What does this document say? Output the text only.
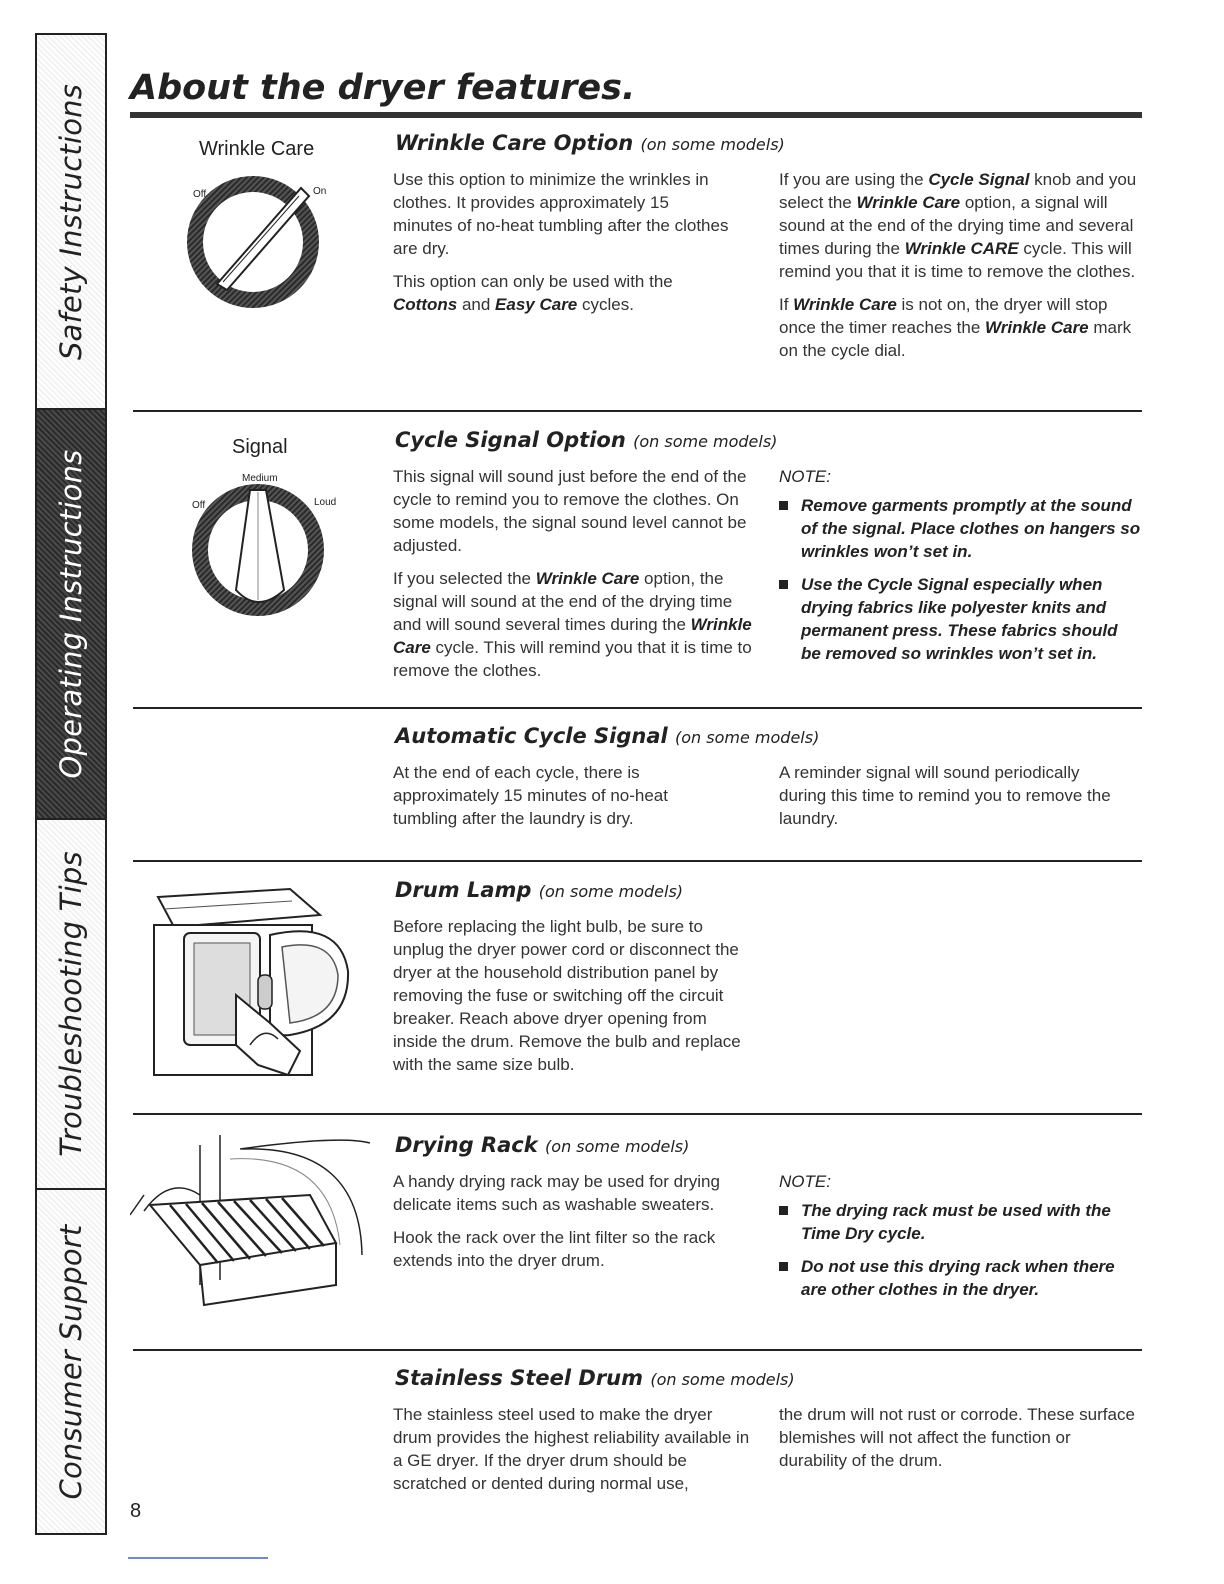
Safety Instructions
Operating Instructions
Troubleshooting Tips
Consumer Support
About the dryer features.
Wrinkle Care
Off	On
Wrinkle Care Option (on some models)

Use this option to minimize the wrinkles in clothes. It provides approximately 15 minutes of no-heat tumbling after the clothes are dry.

This option can only be used with the Cottons and Easy Care cycles.

If you are using the Cycle Signal knob and you select the Wrinkle Care option, a signal will sound at the end of the drying time and several times during the Wrinkle CARE cycle. This will remind you that it is time to remove the clothes.

If Wrinkle Care is not on, the dryer will stop once the timer reaches the Wrinkle Care mark on the cycle dial.

Signal
Medium
Off	Loud
Cycle Signal Option (on some models)

This signal will sound just before the end of the cycle to remind you to remove the clothes. On some models, the signal sound level cannot be adjusted.

If you selected the Wrinkle Care option, the signal will sound at the end of the drying time and will sound several times during the Wrinkle Care cycle. This will remind you that it is time to remove the clothes.

NOTE:
Remove garments promptly at the sound of the signal. Place clothes on hangers so wrinkles won’t set in.
Use the Cycle Signal especially when drying fabrics like polyester knits and permanent press. These fabrics should be removed so wrinkles won’t set in.
Automatic Cycle Signal (on some models)
At the end of each cycle, there is approximately 15 minutes of no-heat tumbling after the laundry is dry.
A reminder signal will sound periodically during this time to remind you to remove the laundry.
Drum Lamp (on some models)
Before replacing the light bulb, be sure to unplug the dryer power cord or disconnect the dryer at the household distribution panel by removing the fuse or switching off the circuit breaker. Reach above dryer opening from inside the drum. Remove the bulb and replace with the same size bulb.
Drying Rack (on some models)

A handy drying rack may be used for drying delicate items such as washable sweaters.

Hook the rack over the lint filter so the rack extends into the dryer drum.

NOTE:
The drying rack must be used with the Time Dry cycle.
Do not use this drying rack when there are other clothes in the dryer.
Stainless Steel Drum (on some models)
The stainless steel used to make the dryer drum provides the highest reliability available in a GE dryer. If the dryer drum should be scratched or dented during normal use,
the drum will not rust or corrode. These surface blemishes will not affect the function or durability of the drum.
8
